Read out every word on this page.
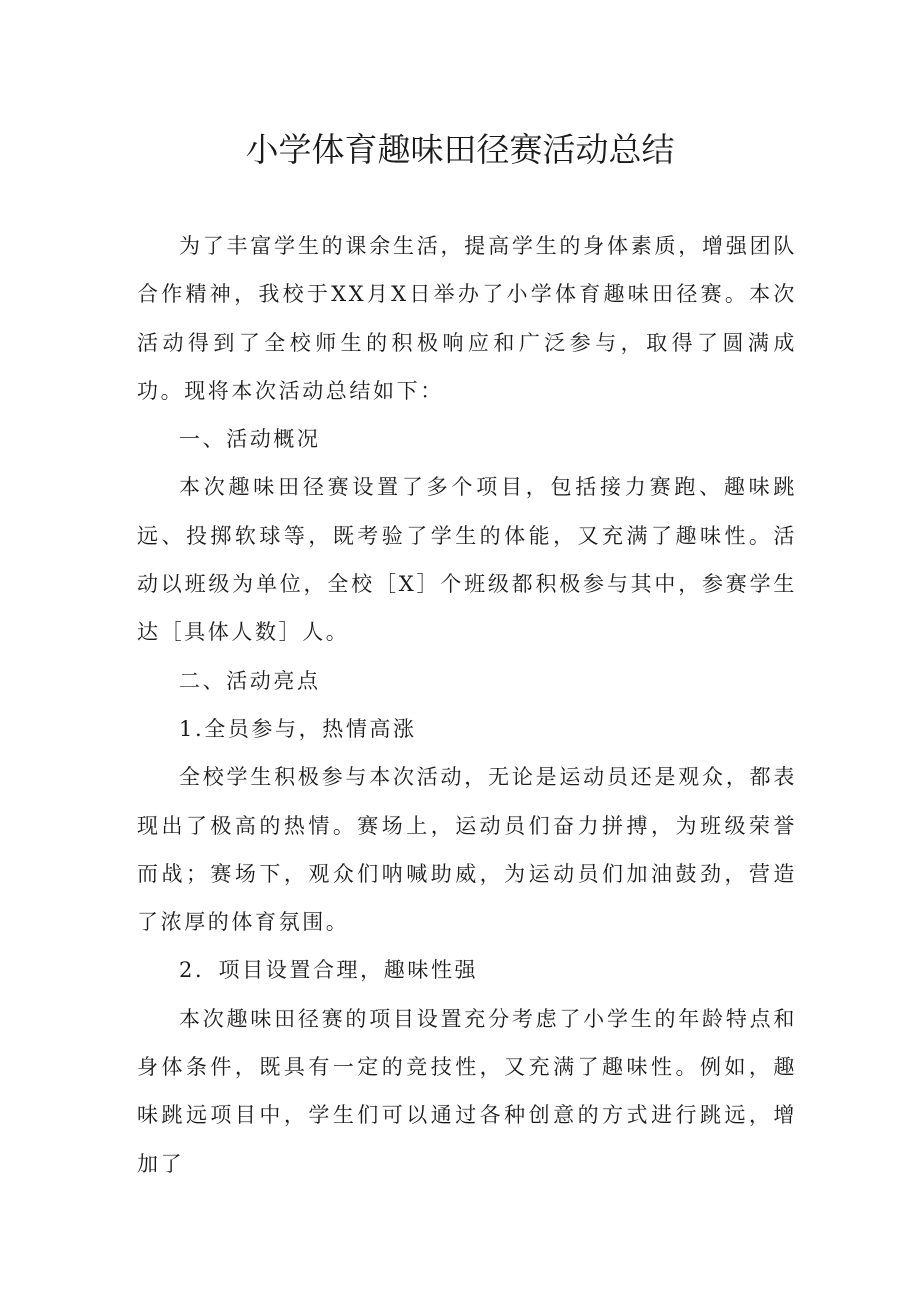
小学体育趣味田径赛活动总结

为了丰富学生的课余生活，提高学生的身体素质，增强团队合作精神，我校于XX月X日举办了小学体育趣味田径赛。本次活动得到了全校师生的积极响应和广泛参与，取得了圆满成功。现将本次活动总结如下：

一、活动概况

本次趣味田径赛设置了多个项目，包括接力赛跑、趣味跳远、投掷软球等，既考验了学生的体能，又充满了趣味性。活动以班级为单位，全校［X］个班级都积极参与其中，参赛学生达［具体人数］人。

二、活动亮点

1.全员参与，热情高涨

全校学生积极参与本次活动，无论是运动员还是观众，都表现出了极高的热情。赛场上，运动员们奋力拼搏，为班级荣誉而战；赛场下，观众们呐喊助威，为运动员们加油鼓劲，营造了浓厚的体育氛围。

2．项目设置合理，趣味性强

本次趣味田径赛的项目设置充分考虑了小学生的年龄特点和身体条件，既具有一定的竞技性，又充满了趣味性。例如，趣味跳远项目中，学生们可以通过各种创意的方式进行跳远，增加了
